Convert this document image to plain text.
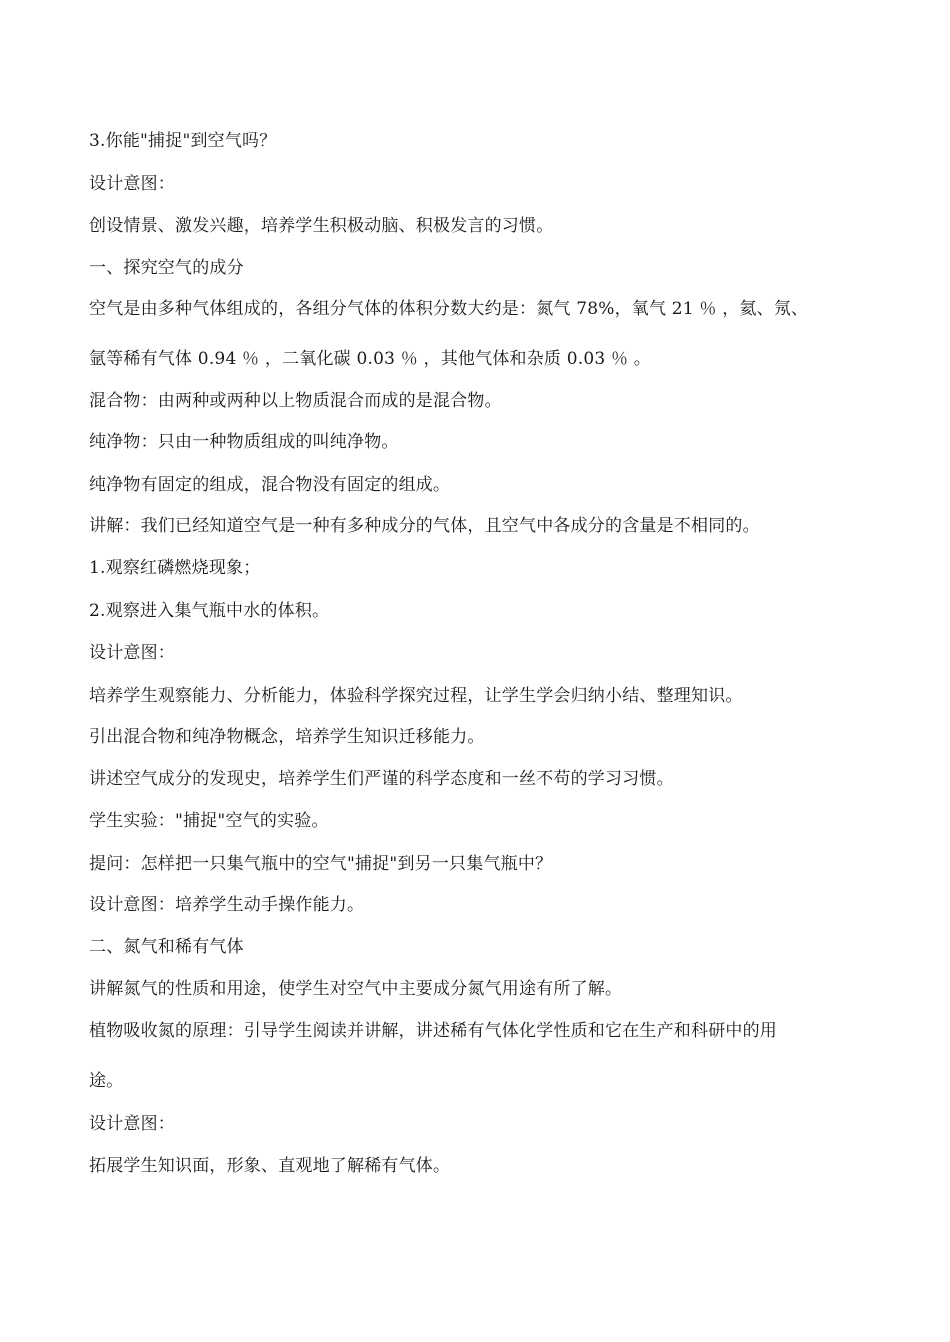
3.你能"捕捉"到空气吗？
设计意图：
创设情景、激发兴趣，培养学生积极动脑、积极发言的习惯。
一、探究空气的成分
空气是由多种气体组成的，各组分气体的体积分数大约是：氮气 78%，氧气 21 ％ ，氦、氖、
氩等稀有气体 0.94 ％ ，二氧化碳 0.03 ％ ，其他气体和杂质 0.03 ％ 。
混合物：由两种或两种以上物质混合而成的是混合物。
纯净物：只由一种物质组成的叫纯净物。
纯净物有固定的组成，混合物没有固定的组成。
讲解：我们已经知道空气是一种有多种成分的气体，且空气中各成分的含量是不相同的。
1.观察红磷燃烧现象；
2.观察进入集气瓶中水的体积。
设计意图：
培养学生观察能力、分析能力，体验科学探究过程，让学生学会归纳小结、整理知识。
引出混合物和纯净物概念，培养学生知识迁移能力。
讲述空气成分的发现史，培养学生们严谨的科学态度和一丝不苟的学习习惯。
学生实验："捕捉"空气的实验。
提问：怎样把一只集气瓶中的空气"捕捉"到另一只集气瓶中？
设计意图：培养学生动手操作能力。
二、氮气和稀有气体
讲解氮气的性质和用途，使学生对空气中主要成分氮气用途有所了解。
植物吸收氮的原理：引导学生阅读并讲解，讲述稀有气体化学性质和它在生产和科研中的用
途。
设计意图：
拓展学生知识面，形象、直观地了解稀有气体。
